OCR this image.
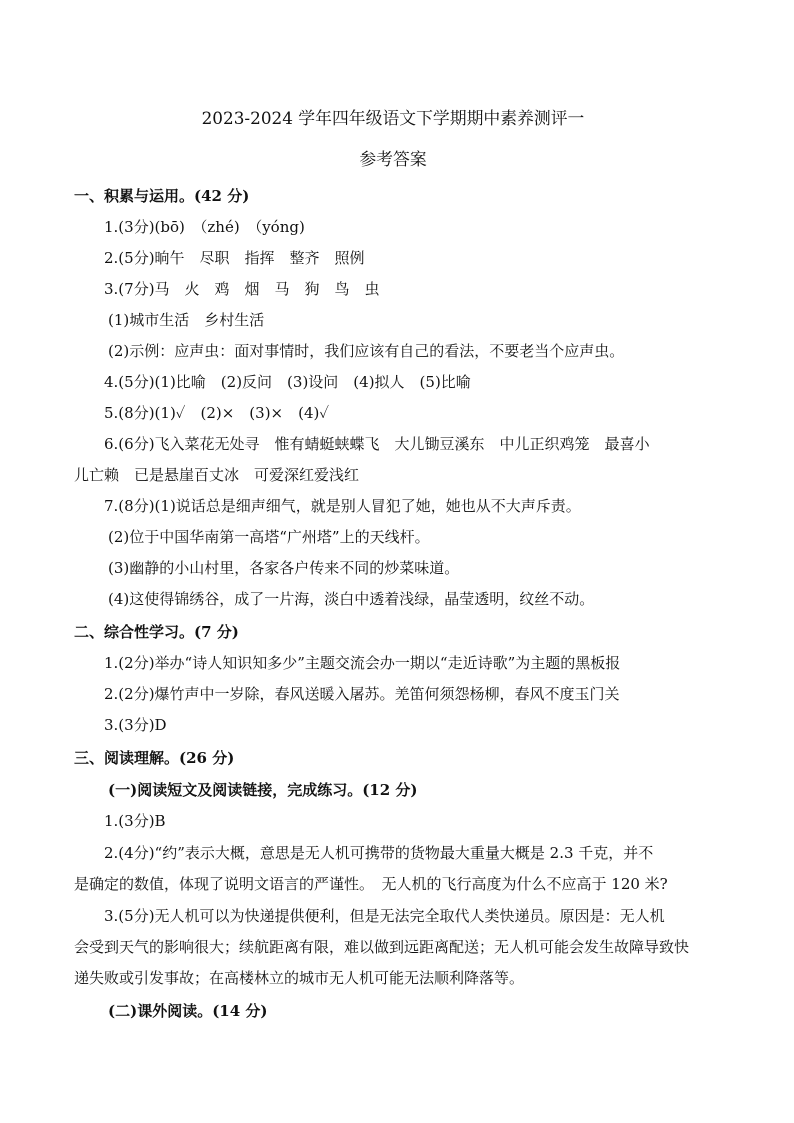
2023-2024 学年四年级语文下学期期中素养测评一
参考答案
一、积累与运用。(42 分)
1.(3分)(bō)　（zhé)　（yóng)
2.(5分)晌午　尽职　指挥　整齐　照例
3.(7分)马　火　鸡　烟　马　狗　鸟　虫
(1)城市生活　乡村生活
(2)示例：应声虫：面对事情时，我们应该有自己的看法，不要老当个应声虫。
4.(5分)(1)比喻　(2)反问　(3)设问　(4)拟人　(5)比喻
5.(8分)(1)✓　(2)×　(3)×　(4)✓
6.(6分)飞入菜花无处寻　惟有蜻蜓蛱蝶飞　大儿锄豆溪东　中儿正织鸡笼　最喜小
儿亡赖　已是悬崖百丈冰　可爱深红爱浅红
7.(8分)(1)说话总是细声细气，就是别人冒犯了她，她也从不大声斥责。
(2)位于中国华南第一高塔“广州塔”上的天线杆。
(3)幽静的小山村里，各家各户传来不同的炒菜味道。
(4)这使得锦绣谷，成了一片海，淡白中透着浅绿，晶莹透明，纹丝不动。
二、综合性学习。(7 分)
1.(2分)举办“诗人知识知多少”主题交流会办一期以“走近诗歌”为主题的黑板报
2.(2分)爆竹声中一岁除，春风送暖入屠苏。羌笛何须怨杨柳，春风不度玉门关
3.(3分)D
三、阅读理解。(26 分)
(一)阅读短文及阅读链接，完成练习。(12 分)
1.(3分)B
2.(4分)“约”表示大概，意思是无人机可携带的货物最大重量大概是 2.3 千克，并不
是确定的数值，体现了说明文语言的严谨性。　无人机的飞行高度为什么不应高于 120 米?
3.(5分)无人机可以为快递提供便利，但是无法完全取代人类快递员。原因是：无人机
会受到天气的影响很大；续航距离有限，难以做到远距离配送；无人机可能会发生故障导致快
递失败或引发事故；在高楼林立的城市无人机可能无法顺利降落等。
(二)课外阅读。(14 分)
